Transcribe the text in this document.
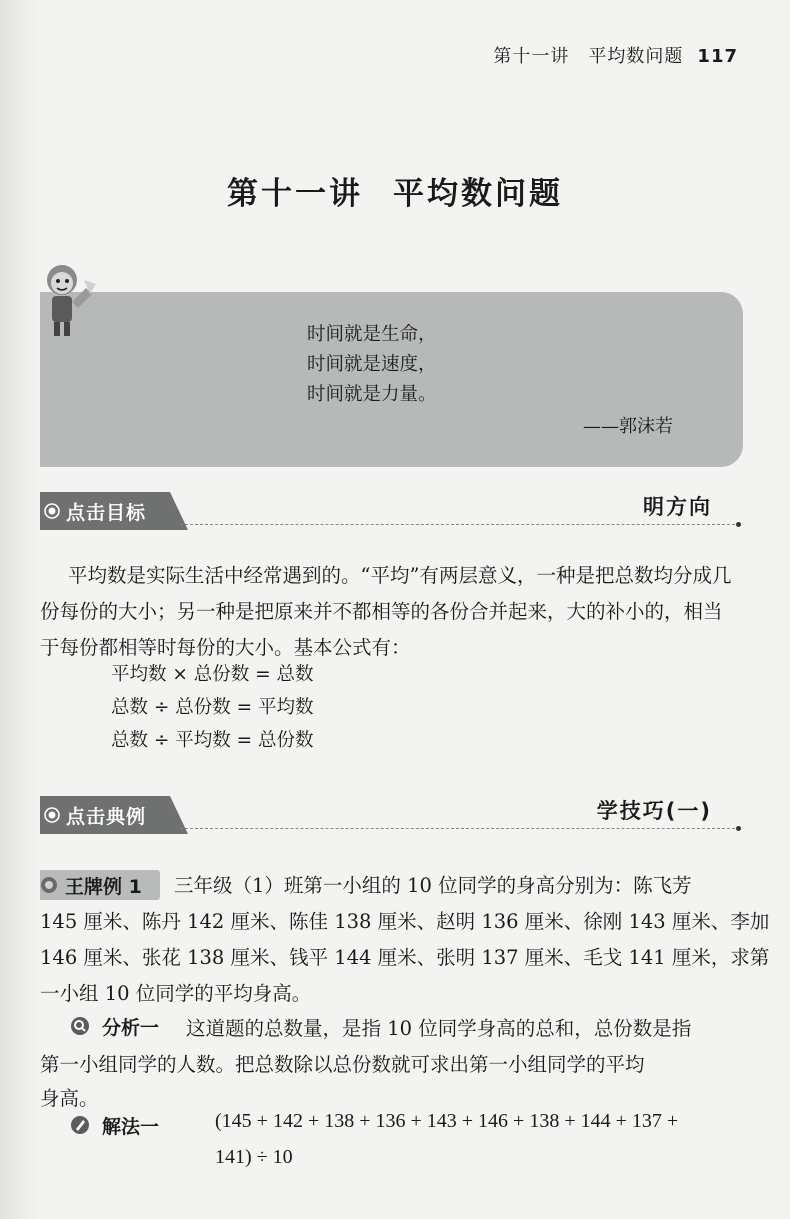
第十一讲　平均数问题 117
第十一讲 平均数问题
时间就是生命，
时间就是速度，
时间就是力量。
——郭沫若
点击目标	明方向
平均数是实际生活中经常遇到的。“平均”有两层意义，一种是把总数均分成几份每份的大小；另一种是把原来并不都相等的各份合并起来，大的补小的，相当于每份都相等时每份的大小。基本公式有：
平均数 × 总份数 = 总数
总数 ÷ 总份数 = 平均数
总数 ÷ 平均数 = 总份数
点击典例	学技巧(一)
王牌例 1 三年级（1）班第一小组的 10 位同学的身高分别为：陈飞芳
145 厘米、陈丹 142 厘米、陈佳 138 厘米、赵明 136 厘米、徐刚 143 厘米、李加
146 厘米、张花 138 厘米、钱平 144 厘米、张明 137 厘米、毛戈 141 厘米，求第
一小组 10 位同学的平均身高。
分析一 这道题的总数量，是指 10 位同学身高的总和，总份数是指
第一小组同学的人数。把总数除以总份数就可求出第一小组同学的平均
身高。
解法一	(145 + 142 + 138 + 136 + 143 + 146 + 138 + 144 + 137 +
141) ÷ 10
